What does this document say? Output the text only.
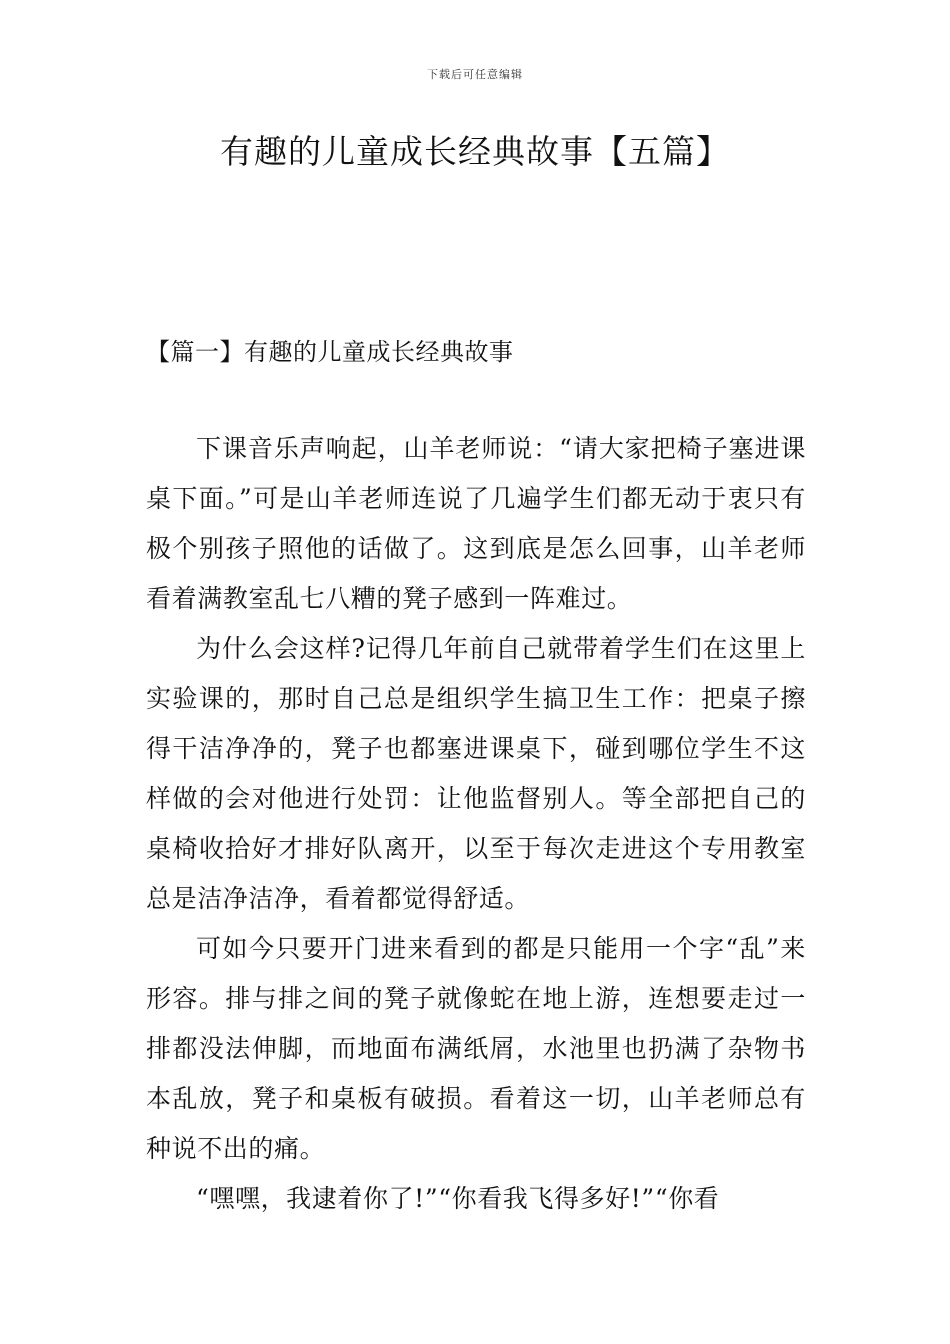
下载后可任意编辑
有趣的儿童成长经典故事【五篇】
【篇一】有趣的儿童成长经典故事

下课音乐声响起，山羊老师说：“请大家把椅子塞进课桌下面。”可是山羊老师连说了几遍学生们都无动于衷只有极个别孩子照他的话做了。这到底是怎么回事，山羊老师看着满教室乱七八糟的凳子感到一阵难过。

为什么会这样?记得几年前自己就带着学生们在这里上实验课的，那时自己总是组织学生搞卫生工作：把桌子擦得干洁净净的，凳子也都塞进课桌下，碰到哪位学生不这样做的会对他进行处罚：让他监督别人。等全部把自己的桌椅收拾好才排好队离开，以至于每次走进这个专用教室总是洁净洁净，看着都觉得舒适。

可如今只要开门进来看到的都是只能用一个字“乱”来形容。排与排之间的凳子就像蛇在地上游，连想要走过一排都没法伸脚，而地面布满纸屑，水池里也扔满了杂物书本乱放，凳子和桌板有破损。看着这一切，山羊老师总有种说不出的痛。

“嘿嘿，我逮着你了!”“你看我飞得多好!”“你看
